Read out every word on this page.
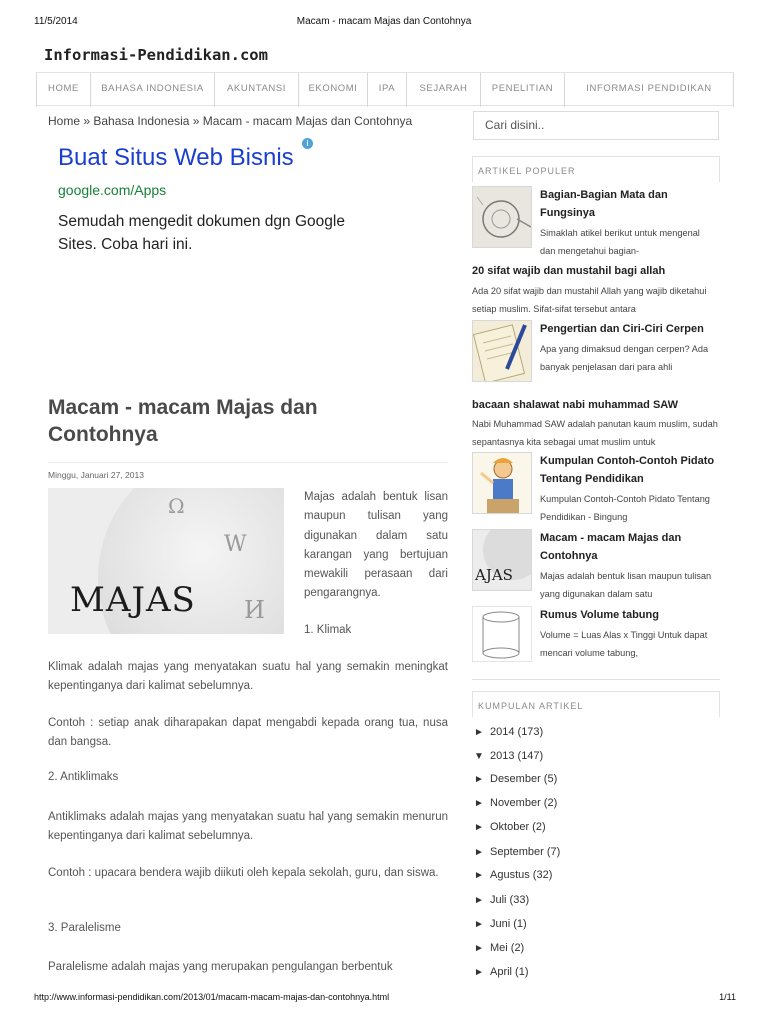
11/5/2014	Macam - macam Majas dan Contohnya
Informasi-Pendidikan.com
HOME	BAHASA INDONESIA	AKUNTANSI	EKONOMI	IPA	SEJARAH	PENELITIAN	INFORMASI PENDIDIKAN
Home » Bahasa Indonesia » Macam - macam Majas dan Contohnya
i
Buat Situs Web Bisnis
google.com/Apps
Semudah mengedit dokumen dgn Google Sites. Coba hari ini.
Macam - macam Majas dan Contohnya
Minggu, Januari 27, 2013
W
И
Ω
MAJAS
Majas adalah bentuk lisan maupun tulisan yang digunakan dalam satu karangan yang bertujuan mewakili perasaan dari pengarangnya.
1. Klimak
Klimak adalah majas yang menyatakan suatu hal yang semakin meningkat kepentinganya dari kalimat sebelumnya.
Contoh : setiap anak diharapakan dapat mengabdi kepada orang tua, nusa dan bangsa.
2. Antiklimaks
Antiklimaks adalah majas yang menyatakan suatu hal yang semakin menurun kepentinganya dari kalimat sebelumnya.
Contoh : upacara bendera wajib diikuti oleh kepala sekolah, guru, dan siswa.
3. Paralelisme
Paralelisme adalah majas yang merupakan pengulangan berbentuk
Cari disini..
ARTIKEL POPULER
Bagian-Bagian Mata dan Fungsinya
Simaklah atikel berikut untuk mengenal dan mengetahui bagian-
20 sifat wajib dan mustahil bagi allah
Ada 20 sifat wajib dan mustahil Allah yang wajib diketahui setiap muslim. Sifat-sifat tersebut antara
Pengertian dan Ciri-Ciri Cerpen
Apa yang dimaksud dengan cerpen? Ada banyak penjelasan dari para ahli
bacaan shalawat nabi muhammad SAW
Nabi Muhammad SAW adalah panutan kaum muslim, sudah sepantasnya kita sebagai umat muslim untuk
Kumpulan Contoh-Contoh Pidato Tentang Pendidikan
Kumpulan Contoh-Contoh Pidato Tentang Pendidikan - Bingung
AJAS
Macam - macam Majas dan Contohnya
Majas adalah bentuk lisan maupun tulisan yang digunakan dalam satu
Rumus Volume tabung
Volume = Luas Alas x Tinggi Untuk dapat mencari volume tabung,
KUMPULAN ARTIKEL
► 2014 (173)
▼ 2013 (147)
► Desember (5)
► November (2)
► Oktober (2)
► September (7)
► Agustus (32)
► Juli (33)
► Juni (1)
► Mei (2)
► April (1)
http://www.informasi-pendidikan.com/2013/01/macam-macam-majas-dan-contohnya.html	1/11
